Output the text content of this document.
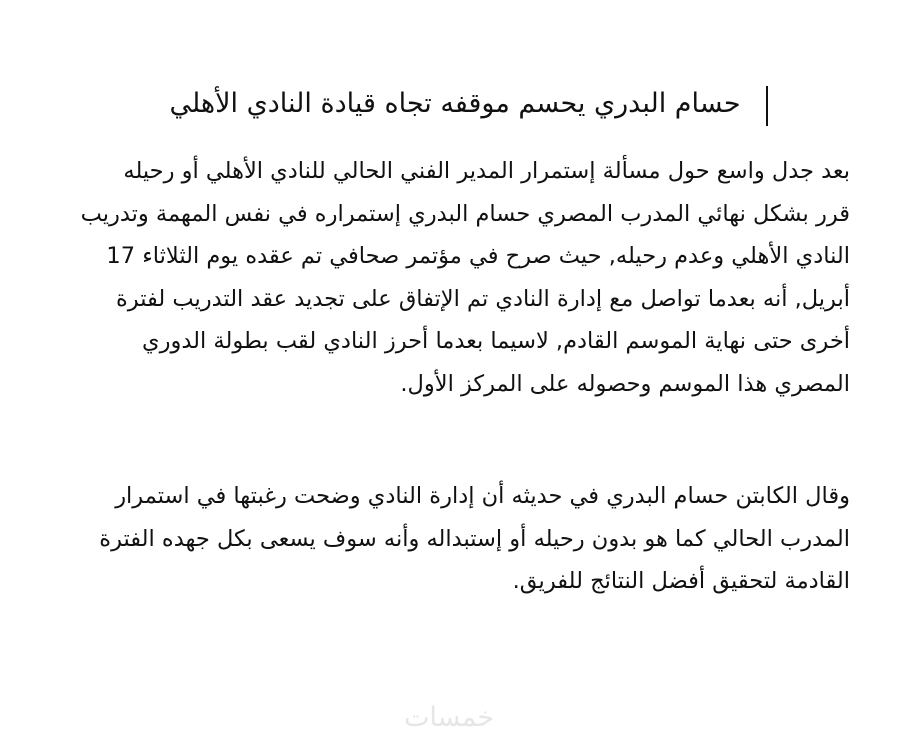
حسام البدري يحسم موقفه تجاه قيادة النادي الأهلي
بعد جدل واسع حول مسألة إستمرار المدير الفني الحالي للنادي الأهلي أو رحيله
قرر بشكل نهائي المدرب المصري حسام البدري إستمراره في نفس المهمة وتدريب
النادي الأهلي وعدم رحيله, حيث صرح في مؤتمر صحافي تم عقده يوم الثلاثاء 17
أبريل, أنه بعدما تواصل مع إدارة النادي تم الإتفاق على تجديد عقد التدريب لفترة
أخرى حتى نهاية الموسم القادم, لاسيما بعدما أحرز النادي لقب بطولة الدوري
المصري هذا الموسم وحصوله على المركز الأول.
وقال الكابتن حسام البدري في حديثه أن إدارة النادي وضحت رغبتها في استمرار
المدرب الحالي كما هو بدون رحيله أو إستبداله وأنه سوف يسعى بكل جهده الفترة
القادمة لتحقيق أفضل النتائج للفريق.
خمسات
